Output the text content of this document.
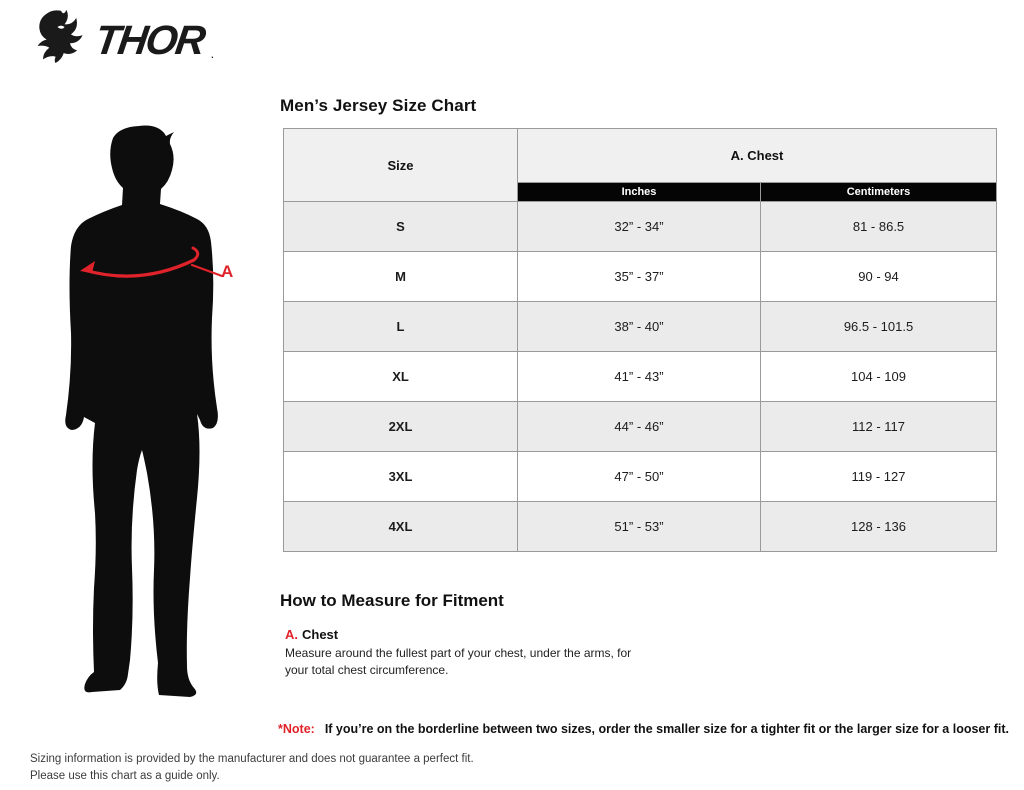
THOR .
A
Men’s Jersey Size Chart
Size	A. Chest	
	Inches	Centimeters
S	32” - 34”	81 - 86.5
M	35” - 37”	90 - 94
L	38” - 40”	96.5 - 101.5
XL	41” - 43”	104 - 109
2XL	44” - 46”	112 - 117
3XL	47” - 50”	119 - 127
4XL	51” - 53”	128 - 136
How to Measure for Fitment
A. Chest
Measure around the fullest part of your chest, under the arms, for your total chest circumference.
*Note: If you’re on the borderline between two sizes, order the smaller size for a tighter fit or the larger size for a looser fit.
Sizing information is provided by the manufacturer and does not guarantee a perfect fit.
Please use this chart as a guide only.
